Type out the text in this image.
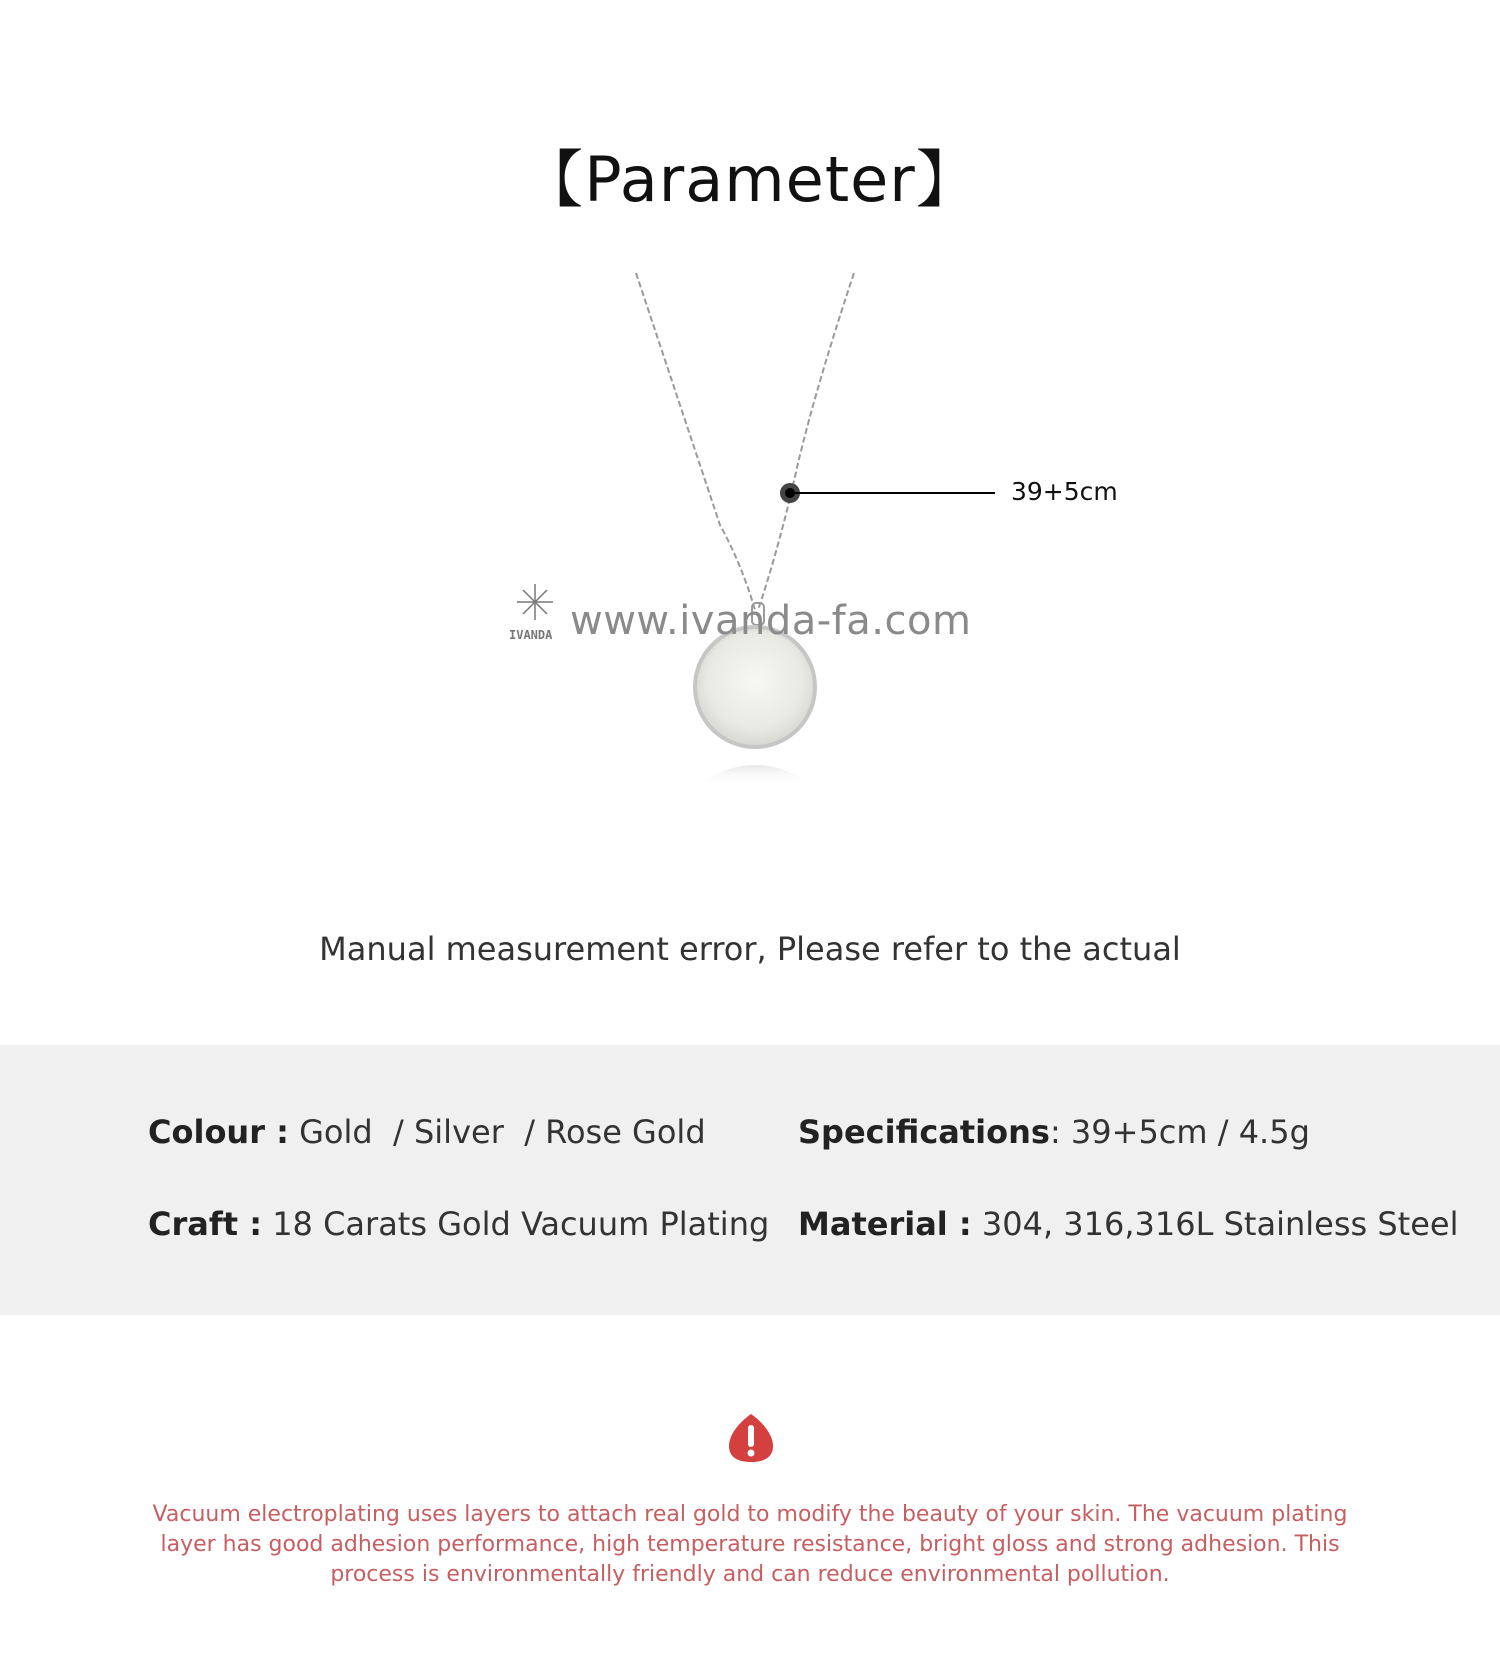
【Parameter】
39+5cm
IVANDA www.ivanda-fa.com
Manual measurement error, Please refer to the actual
Colour : Gold  / Silver  / Rose Gold	Specifications: 39+5cm / 4.5g
Craft : 18 Carats Gold Vacuum Plating Material : 304, 316,316L Stainless Steel
Vacuum electroplating uses layers to attach real gold to modify the beauty of your skin. The vacuum plating layer has good adhesion performance, high temperature resistance, bright gloss and strong adhesion. This process is environmentally friendly and can reduce environmental pollution.
